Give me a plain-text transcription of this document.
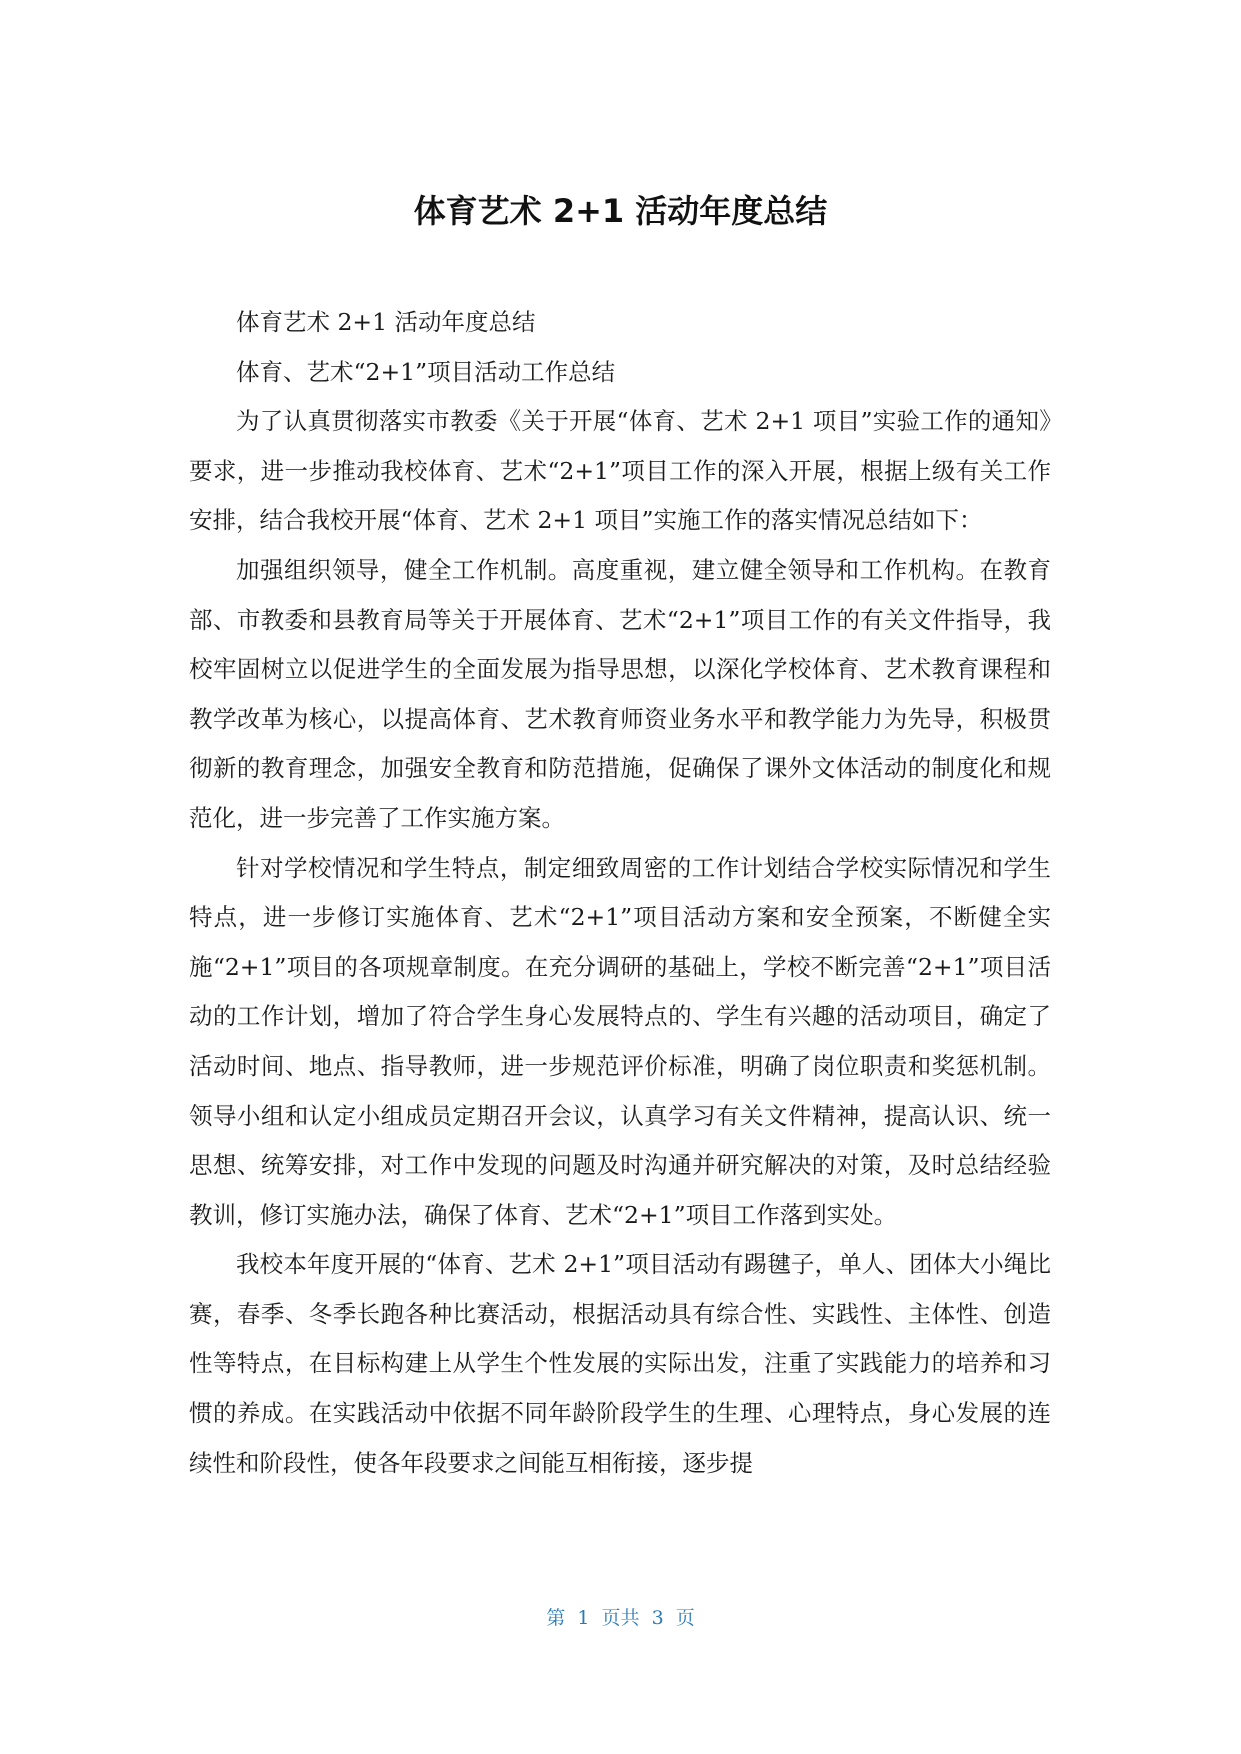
体育艺术 2+1 活动年度总结

体育艺术 2+1 活动年度总结

体育、艺术“2+1”项目活动工作总结

为了认真贯彻落实市教委《关于开展“体育、艺术 2+1 项目”实验工作的通知》要求，进一步推动我校体育、艺术“2+1”项目工作的深入开展，根据上级有关工作安排，结合我校开展“体育、艺术 2+1 项目”实施工作的落实情况总结如下：

加强组织领导，健全工作机制。高度重视，建立健全领导和工作机构。在教育部、市教委和县教育局等关于开展体育、艺术“2+1”项目工作的有关文件指导，我校牢固树立以促进学生的全面发展为指导思想，以深化学校体育、艺术教育课程和教学改革为核心，以提高体育、艺术教育师资业务水平和教学能力为先导，积极贯彻新的教育理念，加强安全教育和防范措施，促确保了课外文体活动的制度化和规范化，进一步完善了工作实施方案。

针对学校情况和学生特点，制定细致周密的工作计划结合学校实际情况和学生特点，进一步修订实施体育、艺术“2+1”项目活动方案和安全预案，不断健全实施“2+1”项目的各项规章制度。在充分调研的基础上，学校不断完善“2+1”项目活动的工作计划，增加了符合学生身心发展特点的、学生有兴趣的活动项目，确定了活动时间、地点、指导教师，进一步规范评价标准，明确了岗位职责和奖惩机制。领导小组和认定小组成员定期召开会议，认真学习有关文件精神，提高认识、统一思想、统筹安排，对工作中发现的问题及时沟通并研究解决的对策，及时总结经验教训，修订实施办法，确保了体育、艺术“2+1”项目工作落到实处。

我校本年度开展的“体育、艺术 2+1”项目活动有踢毽子，单人、团体大小绳比赛，春季、冬季长跑各种比赛活动，根据活动具有综合性、实践性、主体性、创造性等特点，在目标构建上从学生个性发展的实际出发，注重了实践能力的培养和习惯的养成。在实践活动中依据不同年龄阶段学生的生理、心理特点，身心发展的连续性和阶段性，使各年段要求之间能互相衔接，逐步提

第  1  页共  3  页
